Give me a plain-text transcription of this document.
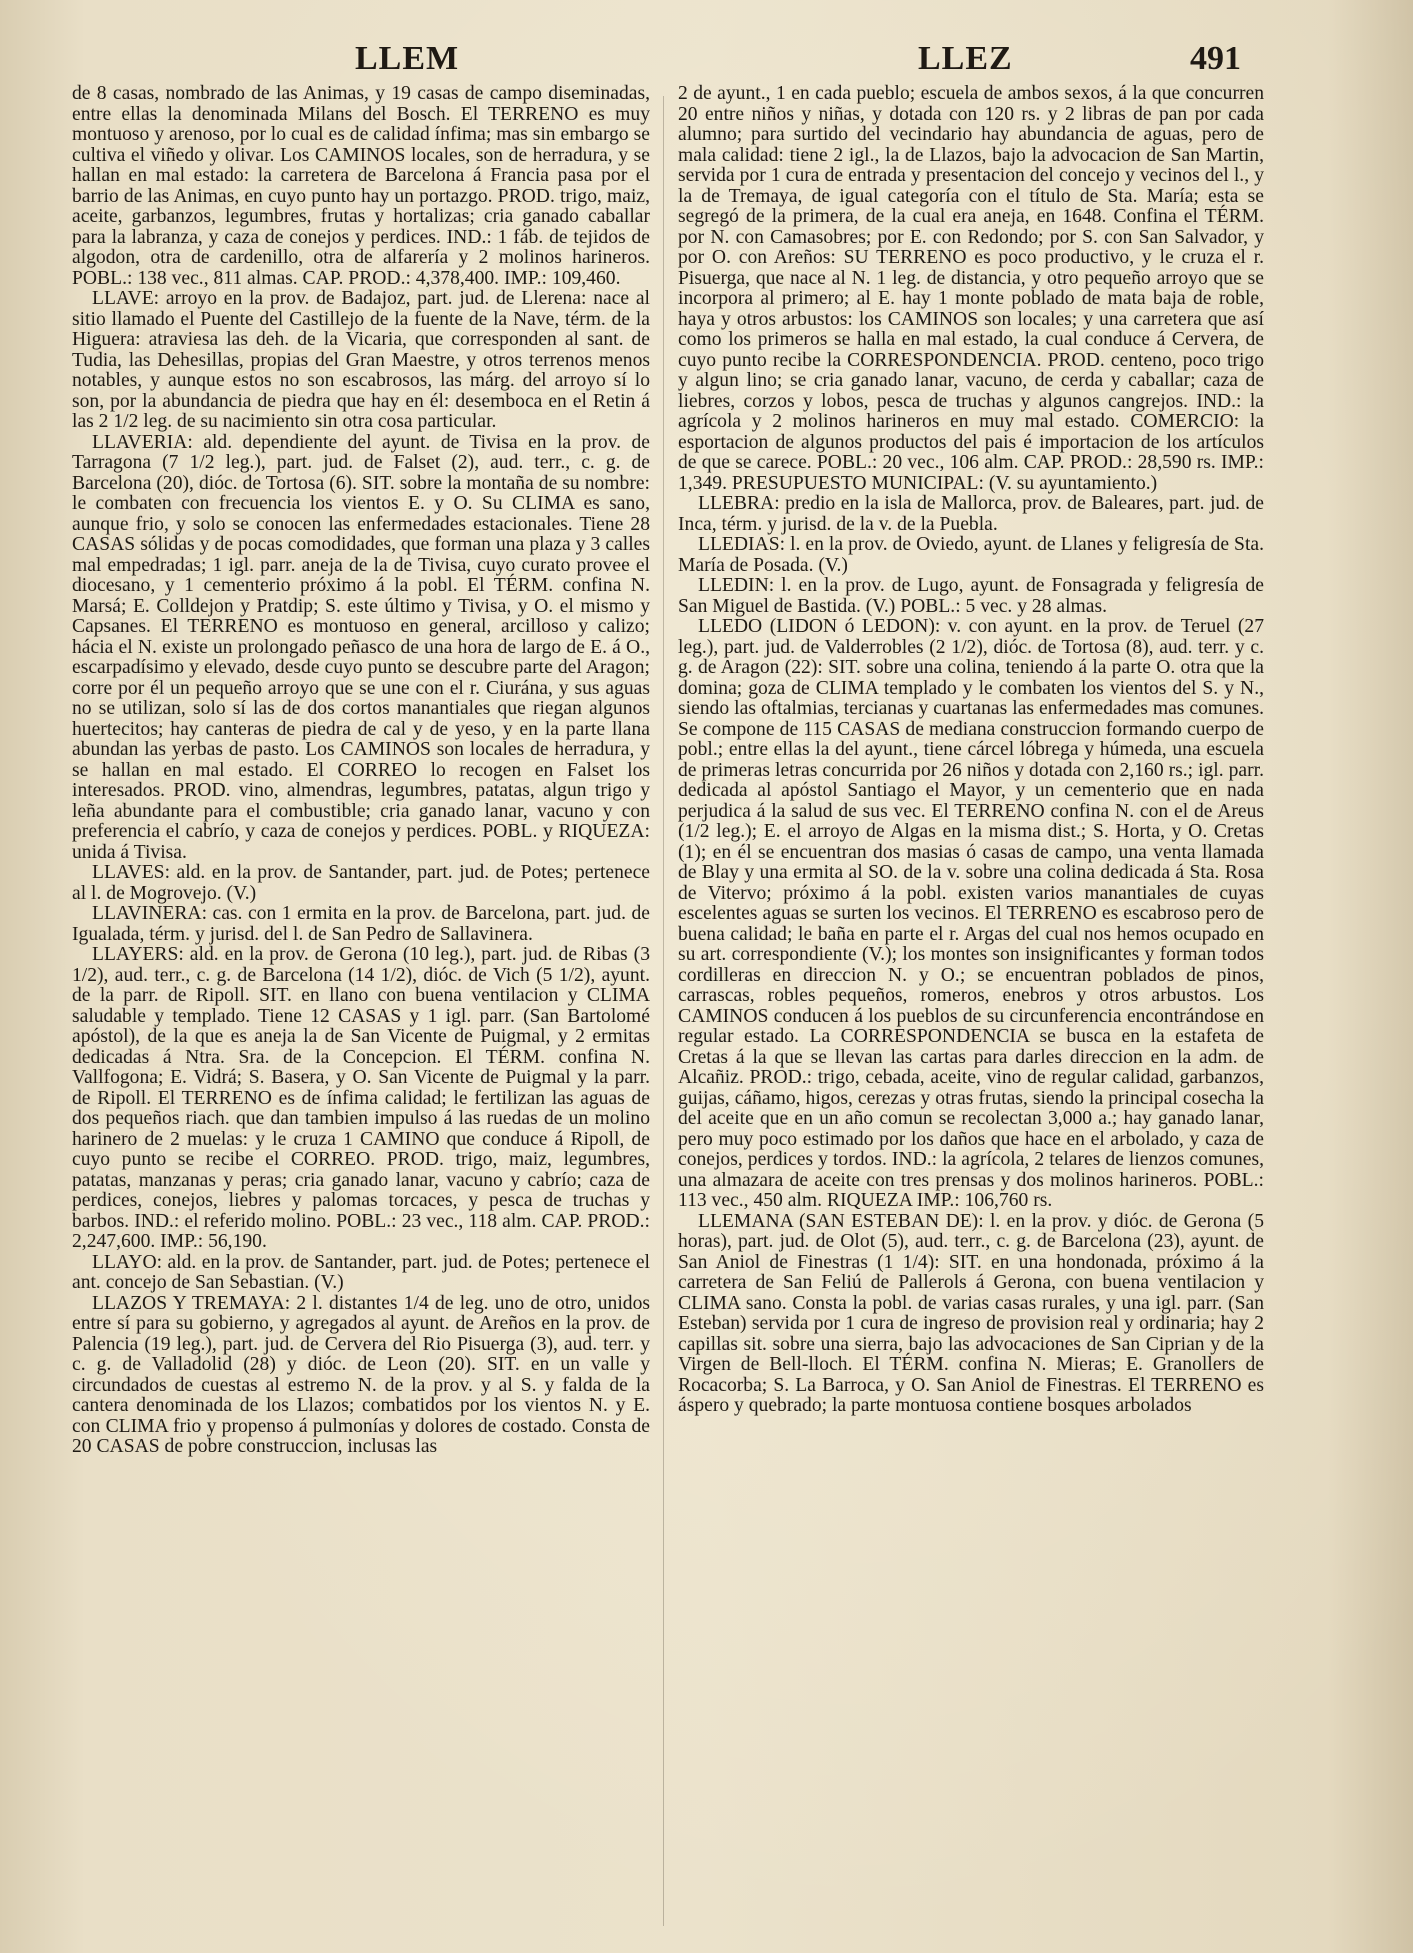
LLEM	LLEZ	491

de 8 casas, nombrado de las Animas, y 19 casas de campo diseminadas, entre ellas la denominada Milans del Bosch. El TERRENO es muy montuoso y arenoso, por lo cual es de calidad ínfima; mas sin embargo se cultiva el viñedo y olivar. Los CAMINOS locales, son de herradura, y se hallan en mal estado: la carretera de Barcelona á Francia pasa por el barrio de las Animas, en cuyo punto hay un portazgo. PROD. trigo, maiz, aceite, garbanzos, legumbres, frutas y hortalizas; cria ganado caballar para la labranza, y caza de conejos y perdices. IND.: 1 fáb. de tejidos de algodon, otra de cardenillo, otra de alfarería y 2 molinos harineros. POBL.: 138 vec., 811 almas. CAP. PROD.: 4,378,400. IMP.: 109,460.

LLAVE: arroyo en la prov. de Badajoz, part. jud. de Llerena: nace al sitio llamado el Puente del Castillejo de la fuente de la Nave, térm. de la Higuera: atraviesa las deh. de la Vicaria, que corresponden al sant. de Tudia, las Dehesillas, propias del Gran Maestre, y otros terrenos menos notables, y aunque estos no son escabrosos, las márg. del arroyo sí lo son, por la abundancia de piedra que hay en él: desemboca en el Retin á las 2 1/2 leg. de su nacimiento sin otra cosa particular.

LLAVERIA: ald. dependiente del ayunt. de Tivisa en la prov. de Tarragona (7 1/2 leg.), part. jud. de Falset (2), aud. terr., c. g. de Barcelona (20), dióc. de Tortosa (6). SIT. sobre la montaña de su nombre: le combaten con frecuencia los vientos E. y O. Su CLIMA es sano, aunque frio, y solo se conocen las enfermedades estacionales. Tiene 28 CASAS sólidas y de pocas comodidades, que forman una plaza y 3 calles mal empedradas; 1 igl. parr. aneja de la de Tivisa, cuyo curato provee el diocesano, y 1 cementerio próximo á la pobl. El TÉRM. confina N. Marsá; E. Colldejon y Pratdip; S. este último y Tivisa, y O. el mismo y Capsanes. El TERRENO es montuoso en general, arcilloso y calizo; hácia el N. existe un prolongado peñasco de una hora de largo de E. á O., escarpadísimo y elevado, desde cuyo punto se descubre parte del Aragon; corre por él un pequeño arroyo que se une con el r. Ciurána, y sus aguas no se utilizan, solo sí las de dos cortos manantiales que riegan algunos huertecitos; hay canteras de piedra de cal y de yeso, y en la parte llana abundan las yerbas de pasto. Los CAMINOS son locales de herradura, y se hallan en mal estado. El CORREO lo recogen en Falset los interesados. PROD. vino, almendras, legumbres, patatas, algun trigo y leña abundante para el combustible; cria ganado lanar, vacuno y con preferencia el cabrío, y caza de conejos y perdices. POBL. y RIQUEZA: unida á Tivisa.

LLAVES: ald. en la prov. de Santander, part. jud. de Potes; pertenece al l. de Mogrovejo. (V.)

LLAVINERA: cas. con 1 ermita en la prov. de Barcelona, part. jud. de Igualada, térm. y jurisd. del l. de San Pedro de Sallavinera.

LLAYERS: ald. en la prov. de Gerona (10 leg.), part. jud. de Ribas (3 1/2), aud. terr., c. g. de Barcelona (14 1/2), dióc. de Vich (5 1/2), ayunt. de la parr. de Ripoll. SIT. en llano con buena ventilacion y CLIMA saludable y templado. Tiene 12 CASAS y 1 igl. parr. (San Bartolomé apóstol), de la que es aneja la de San Vicente de Puigmal, y 2 ermitas dedicadas á Ntra. Sra. de la Concepcion. El TÉRM. confina N. Vallfogona; E. Vidrá; S. Basera, y O. San Vicente de Puigmal y la parr. de Ripoll. El TERRENO es de ínfima calidad; le fertilizan las aguas de dos pequeños riach. que dan tambien impulso á las ruedas de un molino harinero de 2 muelas: y le cruza 1 CAMINO que conduce á Ripoll, de cuyo punto se recibe el CORREO. PROD. trigo, maiz, legumbres, patatas, manzanas y peras; cria ganado lanar, vacuno y cabrío; caza de perdices, conejos, liebres y palomas torcaces, y pesca de truchas y barbos. IND.: el referido molino. POBL.: 23 vec., 118 alm. CAP. PROD.: 2,247,600. IMP.: 56,190.

LLAYO: ald. en la prov. de Santander, part. jud. de Potes; pertenece el ant. concejo de San Sebastian. (V.)

LLAZOS Y TREMAYA: 2 l. distantes 1/4 de leg. uno de otro, unidos entre sí para su gobierno, y agregados al ayunt. de Areños en la prov. de Palencia (19 leg.), part. jud. de Cervera del Rio Pisuerga (3), aud. terr. y c. g. de Valladolid (28) y dióc. de Leon (20). SIT. en un valle y circundados de cuestas al estremo N. de la prov. y al S. y falda de la cantera denominada de los Llazos; combatidos por los vientos N. y E. con CLIMA frio y propenso á pulmonías y dolores de costado. Consta de 20 CASAS de pobre construccion, inclusas las

2 de ayunt., 1 en cada pueblo; escuela de ambos sexos, á la que concurren 20 entre niños y niñas, y dotada con 120 rs. y 2 libras de pan por cada alumno; para surtido del vecindario hay abundancia de aguas, pero de mala calidad: tiene 2 igl., la de Llazos, bajo la advocacion de San Martin, servida por 1 cura de entrada y presentacion del concejo y vecinos del l., y la de Tremaya, de igual categoría con el título de Sta. María; esta se segregó de la primera, de la cual era aneja, en 1648. Confina el TÉRM. por N. con Camasobres; por E. con Redondo; por S. con San Salvador, y por O. con Areños: SU TERRENO es poco productivo, y le cruza el r. Pisuerga, que nace al N. 1 leg. de distancia, y otro pequeño arroyo que se incorpora al primero; al E. hay 1 monte poblado de mata baja de roble, haya y otros arbustos: los CAMINOS son locales; y una carretera que así como los primeros se halla en mal estado, la cual conduce á Cervera, de cuyo punto recibe la CORRESPONDENCIA. PROD. centeno, poco trigo y algun lino; se cria ganado lanar, vacuno, de cerda y caballar; caza de liebres, corzos y lobos, pesca de truchas y algunos cangrejos. IND.: la agrícola y 2 molinos harineros en muy mal estado. COMERCIO: la esportacion de algunos productos del pais é importacion de los artículos de que se carece. POBL.: 20 vec., 106 alm. CAP. PROD.: 28,590 rs. IMP.: 1,349. PRESUPUESTO MUNICIPAL: (V. su ayuntamiento.)

LLEBRA: predio en la isla de Mallorca, prov. de Baleares, part. jud. de Inca, térm. y jurisd. de la v. de la Puebla.

LLEDIAS: l. en la prov. de Oviedo, ayunt. de Llanes y feligresía de Sta. María de Posada. (V.)

LLEDIN: l. en la prov. de Lugo, ayunt. de Fonsagrada y feligresía de San Miguel de Bastida. (V.) POBL.: 5 vec. y 28 almas.

LLEDO (LIDON ó LEDON): v. con ayunt. en la prov. de Teruel (27 leg.), part. jud. de Valderrobles (2 1/2), dióc. de Tortosa (8), aud. terr. y c. g. de Aragon (22): SIT. sobre una colina, teniendo á la parte O. otra que la domina; goza de CLIMA templado y le combaten los vientos del S. y N., siendo las oftalmias, tercianas y cuartanas las enfermedades mas comunes. Se compone de 115 CASAS de mediana construccion formando cuerpo de pobl.; entre ellas la del ayunt., tiene cárcel lóbrega y húmeda, una escuela de primeras letras concurrida por 26 niños y dotada con 2,160 rs.; igl. parr. dedicada al apóstol Santiago el Mayor, y un cementerio que en nada perjudica á la salud de sus vec. El TERRENO confina N. con el de Areus (1/2 leg.); E. el arroyo de Algas en la misma dist.; S. Horta, y O. Cretas (1); en él se encuentran dos masias ó casas de campo, una venta llamada de Blay y una ermita al SO. de la v. sobre una colina dedicada á Sta. Rosa de Vitervo; próximo á la pobl. existen varios manantiales de cuyas escelentes aguas se surten los vecinos. El TERRENO es escabroso pero de buena calidad; le baña en parte el r. Argas del cual nos hemos ocupado en su art. correspondiente (V.); los montes son insignificantes y forman todos cordilleras en direccion N. y O.; se encuentran poblados de pinos, carrascas, robles pequeños, romeros, enebros y otros arbustos. Los CAMINOS conducen á los pueblos de su circunferencia encontrándose en regular estado. La CORRESPONDENCIA se busca en la estafeta de Cretas á la que se llevan las cartas para darles direccion en la adm. de Alcañiz. PROD.: trigo, cebada, aceite, vino de regular calidad, garbanzos, guijas, cáñamo, higos, cerezas y otras frutas, siendo la principal cosecha la del aceite que en un año comun se recolectan 3,000 a.; hay ganado lanar, pero muy poco estimado por los daños que hace en el arbolado, y caza de conejos, perdices y tordos. IND.: la agrícola, 2 telares de lienzos comunes, una almazara de aceite con tres prensas y dos molinos harineros. POBL.: 113 vec., 450 alm. RIQUEZA IMP.: 106,760 rs.

LLEMANA (SAN ESTEBAN DE): l. en la prov. y dióc. de Gerona (5 horas), part. jud. de Olot (5), aud. terr., c. g. de Barcelona (23), ayunt. de San Aniol de Finestras (1 1/4): SIT. en una hondonada, próximo á la carretera de San Feliú de Pallerols á Gerona, con buena ventilacion y CLIMA sano. Consta la pobl. de varias casas rurales, y una igl. parr. (San Esteban) servida por 1 cura de ingreso de provision real y ordinaria; hay 2 capillas sit. sobre una sierra, bajo las advocaciones de San Ciprian y de la Virgen de Bell-lloch. El TÉRM. confina N. Mieras; E. Granollers de Rocacorba; S. La Barroca, y O. San Aniol de Finestras. El TERRENO es áspero y quebrado; la parte montuosa contiene bosques arbolados
